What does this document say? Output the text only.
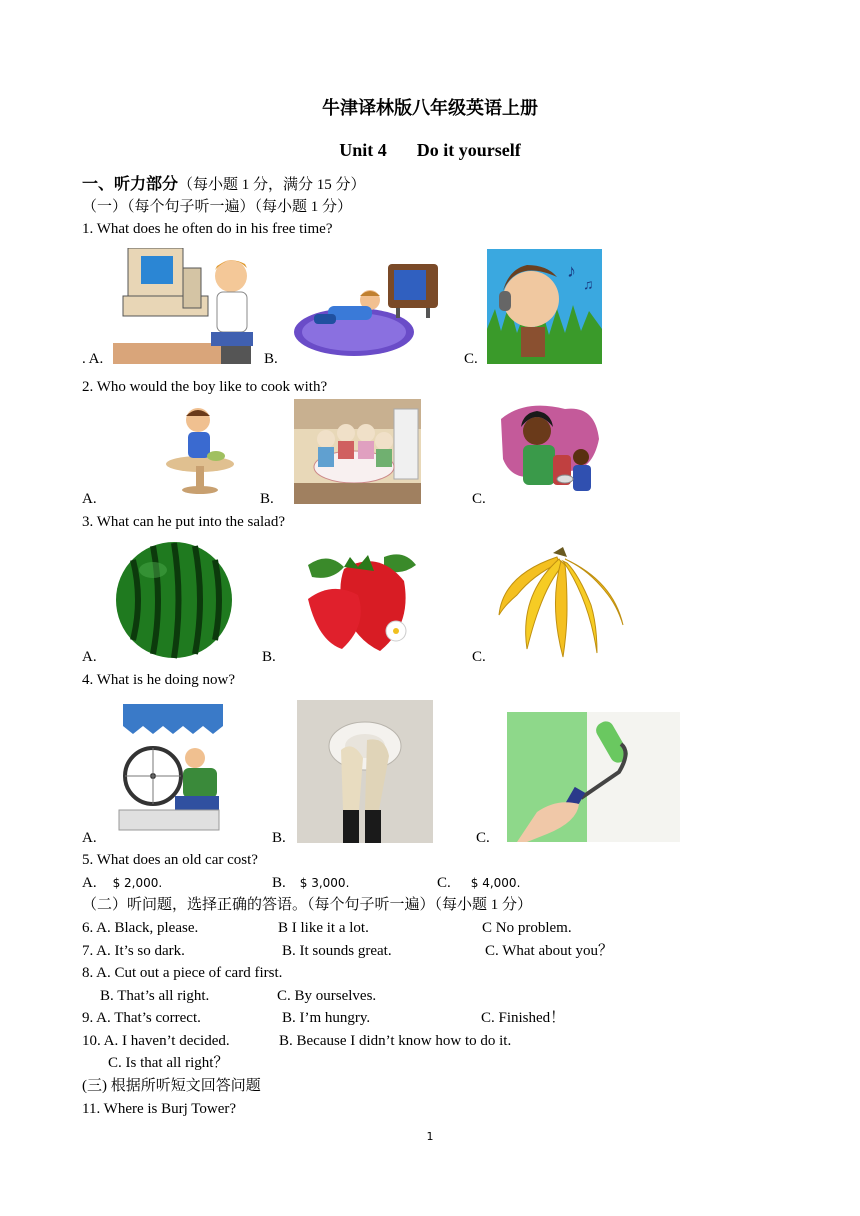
牛津译林版八年级英语上册
Unit 4 Do it yourself
一、听力部分（每小题 1 分，满分 15 分）
（一）（每个句子听一遍）（每小题 1 分）
1. What does he often do in his free time?
♪
♫
. A.	B.	C.
2. Who would the boy like to cook with?
A.	B.	C.
3. What can he put into the salad?
A.	B.	C.
4. What is he doing now?
A.	B.	C.
5. What does an old car cost?
A. $ 2,000.	B. $ 3,000.	C. $ 4,000.
（二）听问题，选择正确的答语。（每个句子听一遍）（每小题 1 分）
6. A. Black, please.	B I like it a lot.	C No problem.
7. A. It’s so dark.	B. It sounds great.	C. What about you？
8. A. Cut out a piece of card first.
B. That’s all right.	C. By ourselves.
9. A. That’s correct.	B. I’m hungry.	C. Finished！
10. A. I haven’t decided.	B. Because I didn’t know how to do it.
C. Is that all right？
(三) 根据所听短文回答问题
11. Where is Burj Tower?
1
